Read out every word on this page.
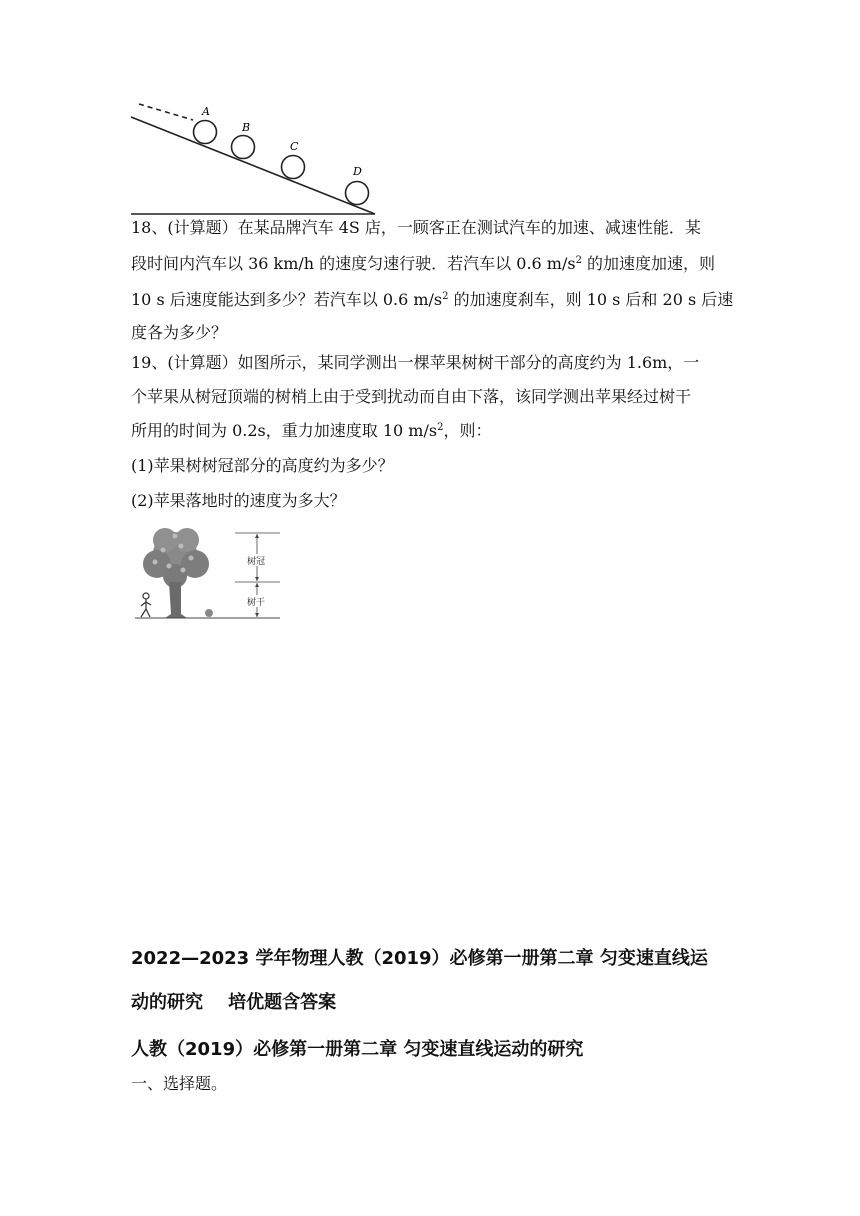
A
B
C
D
18、(计算题）在某品牌汽车 4S 店，一顾客正在测试汽车的加速、减速性能．某
段时间内汽车以 36 km/h 的速度匀速行驶．若汽车以 0.6 $m/s^2$ 的加速度加速，则
10 s 后速度能达到多少？若汽车以 0.6 $m/s^2$ 的加速度刹车，则 10 s 后和 20 s 后速
度各为多少？
19、(计算题）如图所示，某同学测出一棵苹果树树干部分的高度约为 1.6m，一
个苹果从树冠顶端的树梢上由于受到扰动而自由下落，该同学测出苹果经过树干
所用的时间为 0.2s，重力加速度取 10 $m/s^2$，则：
(1)苹果树树冠部分的高度约为多少？
(2)苹果落地时的速度为多大？
树冠
树干
2022—2023 学年物理人教（2019）必修第一册第二章 匀变速直线运
动的研究    培优题含答案
人教（2019）必修第一册第二章 匀变速直线运动的研究
一、选择题。
